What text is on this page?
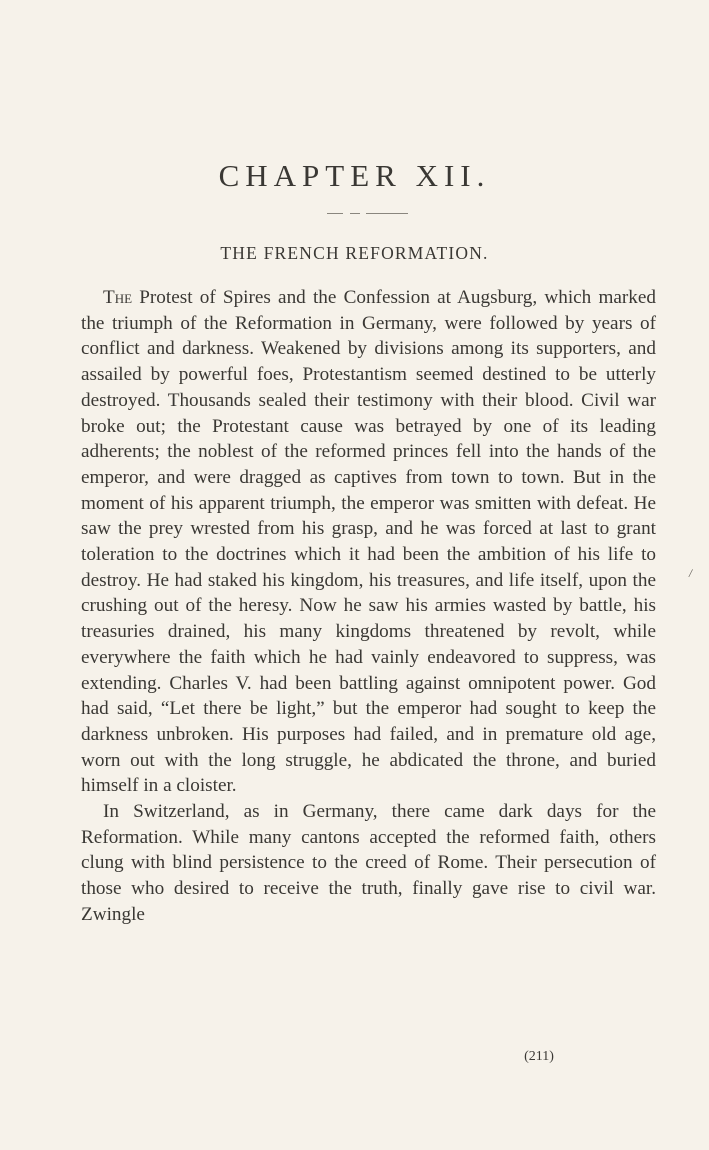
CHAPTER XII.
THE FRENCH REFORMATION.

The Protest of Spires and the Confession at Augsburg, which marked the triumph of the Reformation in Germany, were followed by years of conflict and darkness. Weakened by divisions among its supporters, and assailed by powerful foes, Protestantism seemed destined to be utterly destroyed. Thousands sealed their testimony with their blood. Civil war broke out; the Protestant cause was betrayed by one of its leading adherents; the noblest of the reformed princes fell into the hands of the emperor, and were dragged as captives from town to town. But in the moment of his apparent triumph, the emperor was smitten with defeat. He saw the prey wrested from his grasp, and he was forced at last to grant toleration to the doctrines which it had been the ambition of his life to destroy. He had staked his kingdom, his treasures, and life itself, upon the crushing out of the heresy. Now he saw his armies wasted by battle, his treasuries drained, his many kingdoms threatened by revolt, while everywhere the faith which he had vainly endeavored to suppress, was extending. Charles V. had been battling against omnipotent power. God had said, “Let there be light,” but the emperor had sought to keep the darkness unbroken. His purposes had failed, and in premature old age, worn out with the long struggle, he abdicated the throne, and buried himself in a cloister.

In Switzerland, as in Germany, there came dark days for the Reformation. While many cantons accepted the reformed faith, others clung with blind persistence to the creed of Rome. Their persecution of those who desired to receive the truth, finally gave rise to civil war. Zwingle

/
(211)
